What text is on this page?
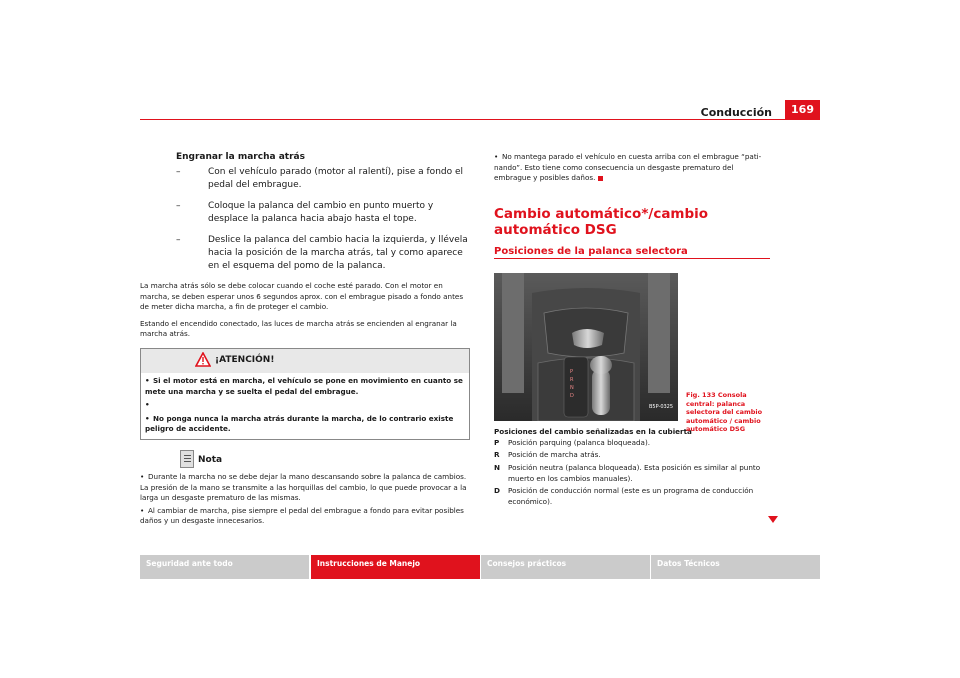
Conducción	169
Engranar la marcha atrás
–	Con el vehículo parado (motor al ralentí), pise a fondo el pedal del embrague.
–	Coloque la palanca del cambio en punto muerto y desplace la palanca hacia abajo hasta el tope.
–	Deslice la palanca del cambio hacia la izquierda, y llévela hacia la posición de la marcha atrás, tal y como aparece en el esquema del pomo de la palanca.
La marcha atrás sólo se debe colocar cuando el coche esté parado. Con el motor en marcha, se deben esperar unos 6 segundos aprox. con el embrague pisado a fondo antes de meter dicha marcha, a fin de proteger el cambio.
Estando el encendido conectado, las luces de marcha atrás se encienden al engranar la marcha atrás.
¡ATENCIÓN!
• Si el motor está en marcha, el vehículo se pone en movimiento en cuanto se mete una marcha y se suelta el pedal del embrague.
•
• No ponga nunca la marcha atrás durante la marcha, de lo contrario existe peligro de accidente.
Nota
• Durante la marcha no se debe dejar la mano descansando sobre la palanca de cambios. La presión de la mano se transmite a las horquillas del cambio, lo que puede provocar a la larga un desgaste prematuro de las mismas.
• Al cambiar de marcha, pise siempre el pedal del embrague a fondo para evitar posibles daños y un desgaste innecesarios.
• No mantega parado el vehículo en cuesta arriba con el embrague “pati-nando”. Esto tiene como consecuencia un desgaste prematuro del embrague y posibles daños.
Cambio automático*/cambio automático DSG
Posiciones de la palanca selectora
P
R
N
D
B5P-0325
Posiciones del cambio señalizadas en la cubierta
P Posición parquing (palanca bloqueada).
R Posición de marcha atrás.
N Posición neutra (palanca bloqueada). Esta posición es similar al punto muerto en los cambios manuales).
D Posición de conducción normal (este es un programa de conducción económico).
Fig. 133 Consola central: palanca selectora del cambio automático / cambio automático DSG
Seguridad ante todo	Instrucciones de Manejo	Consejos prácticos	Datos Técnicos
